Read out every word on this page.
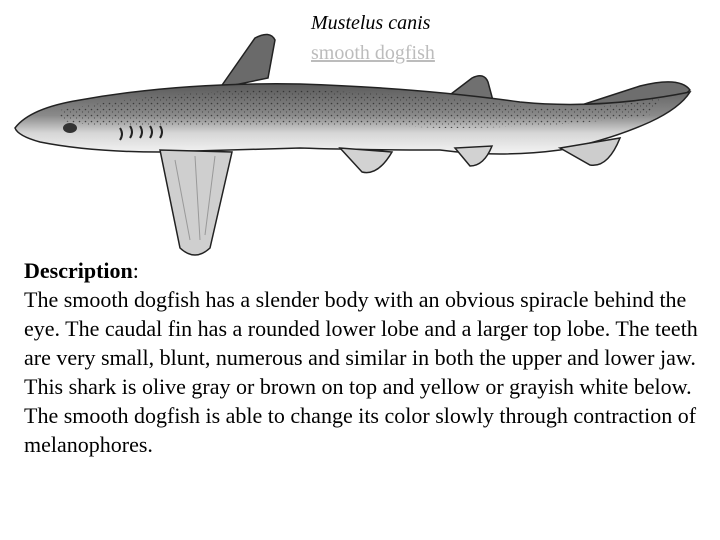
Mustelus canis
smooth dogfish
Description:

The smooth dogfish has a slender body with an obvious spiracle behind the eye. The caudal fin has a rounded lower lobe and a larger top lobe. The teeth are very small, blunt, numerous and similar in both the upper and lower jaw. This shark is olive gray or brown on top and yellow or grayish white below. The smooth dogfish is able to change its color slowly through contraction of melanophores.
